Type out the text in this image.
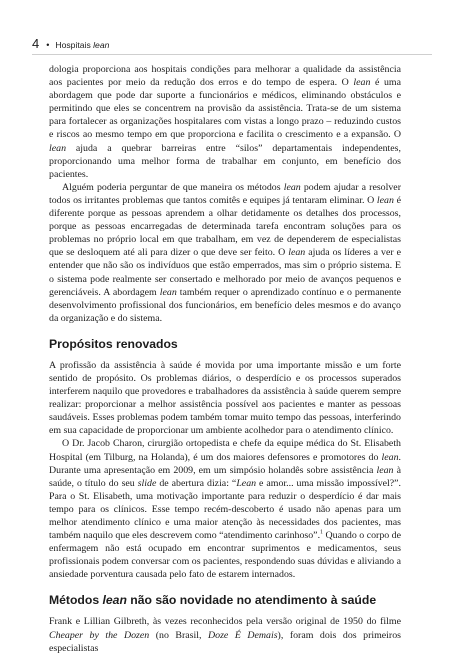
4 • Hospitais lean

dologia proporciona aos hospitais condições para melhorar a qualidade da assistência aos pacientes por meio da redução dos erros e do tempo de espera. O lean é uma abordagem que pode dar suporte a funcionários e médicos, eliminando obstáculos e permitindo que eles se concentrem na provisão da assistência. Trata-se de um sistema para fortalecer as organizações hospitalares com vistas a longo prazo – reduzindo custos e riscos ao mesmo tempo em que proporciona e facilita o crescimento e a expansão. O lean ajuda a quebrar barreiras entre “silos” departamentais independentes, proporcionando uma melhor forma de trabalhar em conjunto, em benefício dos pacientes.

Alguém poderia perguntar de que maneira os métodos lean podem ajudar a resolver todos os irritantes problemas que tantos comitês e equipes já tentaram eliminar. O lean é diferente porque as pessoas aprendem a olhar detidamente os detalhes dos processos, porque as pessoas encarregadas de determinada tarefa encontram soluções para os problemas no próprio local em que trabalham, em vez de dependerem de especialistas que se desloquem até ali para dizer o que deve ser feito. O lean ajuda os líderes a ver e entender que não são os indivíduos que estão emperrados, mas sim o próprio sistema. E o sistema pode realmente ser consertado e melhorado por meio de avanços pequenos e gerenciáveis. A abordagem lean também requer o aprendizado contínuo e o permanente desenvolvimento profissional dos funcionários, em benefício deles mesmos e do avanço da organização e do sistema.

Propósitos renovados

A profissão da assistência à saúde é movida por uma importante missão e um forte sentido de propósito. Os problemas diários, o desperdício e os processos superados interferem naquilo que provedores e trabalhadores da assistência à saúde querem sempre realizar: proporcionar a melhor assistência possível aos pacientes e manter as pessoas saudáveis. Esses problemas podem também tomar muito tempo das pessoas, interferindo em sua capacidade de proporcionar um ambiente acolhedor para o atendimento clínico.

O Dr. Jacob Charon, cirurgião ortopedista e chefe da equipe médica do St. Elisabeth Hospital (em Tilburg, na Holanda), é um dos maiores defensores e promotores do lean. Durante uma apresentação em 2009, em um simpósio holandês sobre assistência lean à saúde, o título do seu slide de abertura dizia: “Lean e amor... uma missão impossível?”. Para o St. Elisabeth, uma motivação importante para reduzir o desperdício é dar mais tempo para os clínicos. Esse tempo recém-descoberto é usado não apenas para um melhor atendimento clínico e uma maior atenção às necessidades dos pacientes, mas também naquilo que eles descrevem como “atendimento carinhoso”.$^1$ Quando o corpo de enfermagem não está ocupado em encontrar suprimentos e medicamentos, seus profissionais podem conversar com os pacientes, respondendo suas dúvidas e aliviando a ansiedade porventura causada pelo fato de estarem internados.

Métodos lean não são novidade no atendimento à saúde

Frank e Lillian Gilbreth, às vezes reconhecidos pela versão original de 1950 do filme Cheaper by the Dozen (no Brasil, Doze É Demais), foram dois dos primeiros especialistas
